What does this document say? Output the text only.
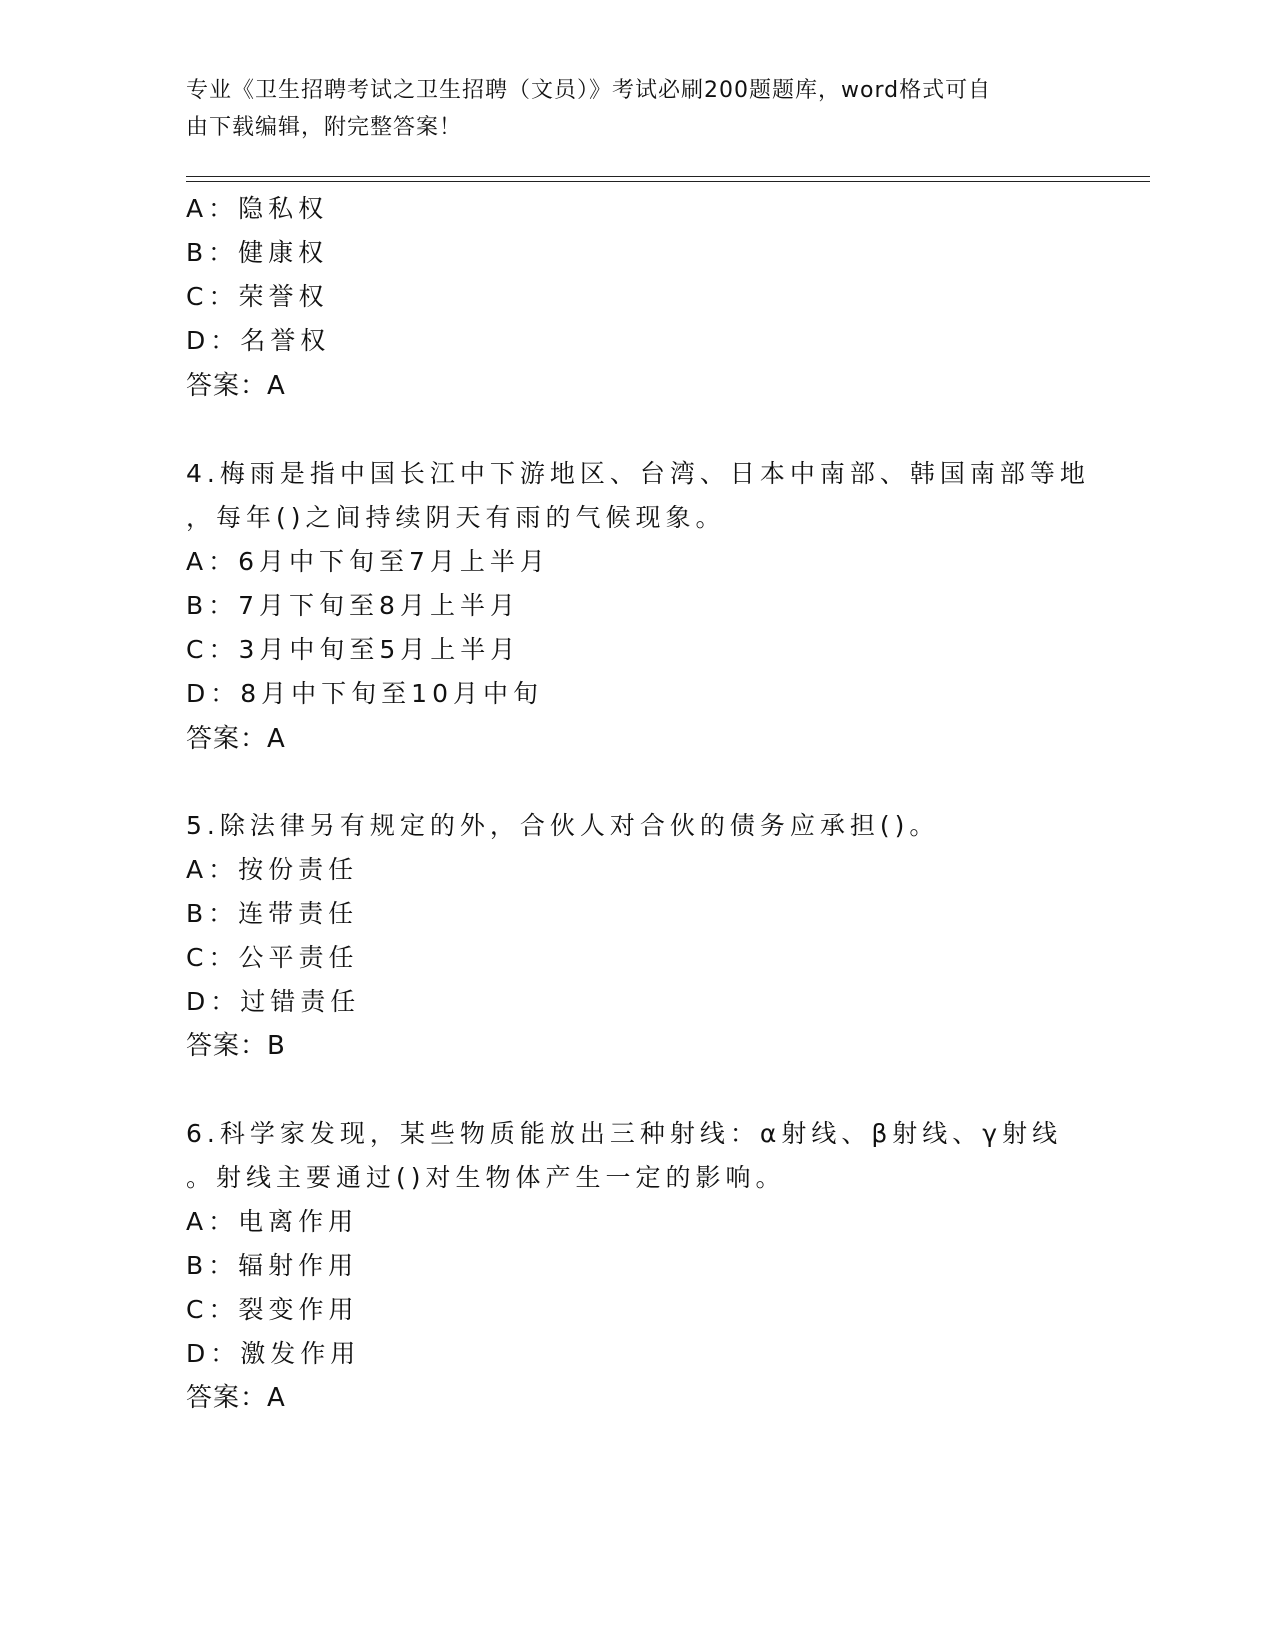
专业《卫生招聘考试之卫生招聘（文员）》考试必刷200题题库，word格式可自
由下载编辑，附完整答案！
A：隐私权
B：健康权
C：荣誉权
D：名誉权
答案：A
4.梅雨是指中国长江中下游地区、台湾、日本中南部、韩国南部等地
，每年()之间持续阴天有雨的气候现象。
A：6月中下旬至7月上半月
B：7月下旬至8月上半月
C：3月中旬至5月上半月
D：8月中下旬至10月中旬
答案：A
5.除法律另有规定的外，合伙人对合伙的债务应承担()。
A：按份责任
B：连带责任
C：公平责任
D：过错责任
答案：B
6.科学家发现，某些物质能放出三种射线：α射线、β射线、γ射线
。射线主要通过()对生物体产生一定的影响。
A：电离作用
B：辐射作用
C：裂变作用
D：激发作用
答案：A
